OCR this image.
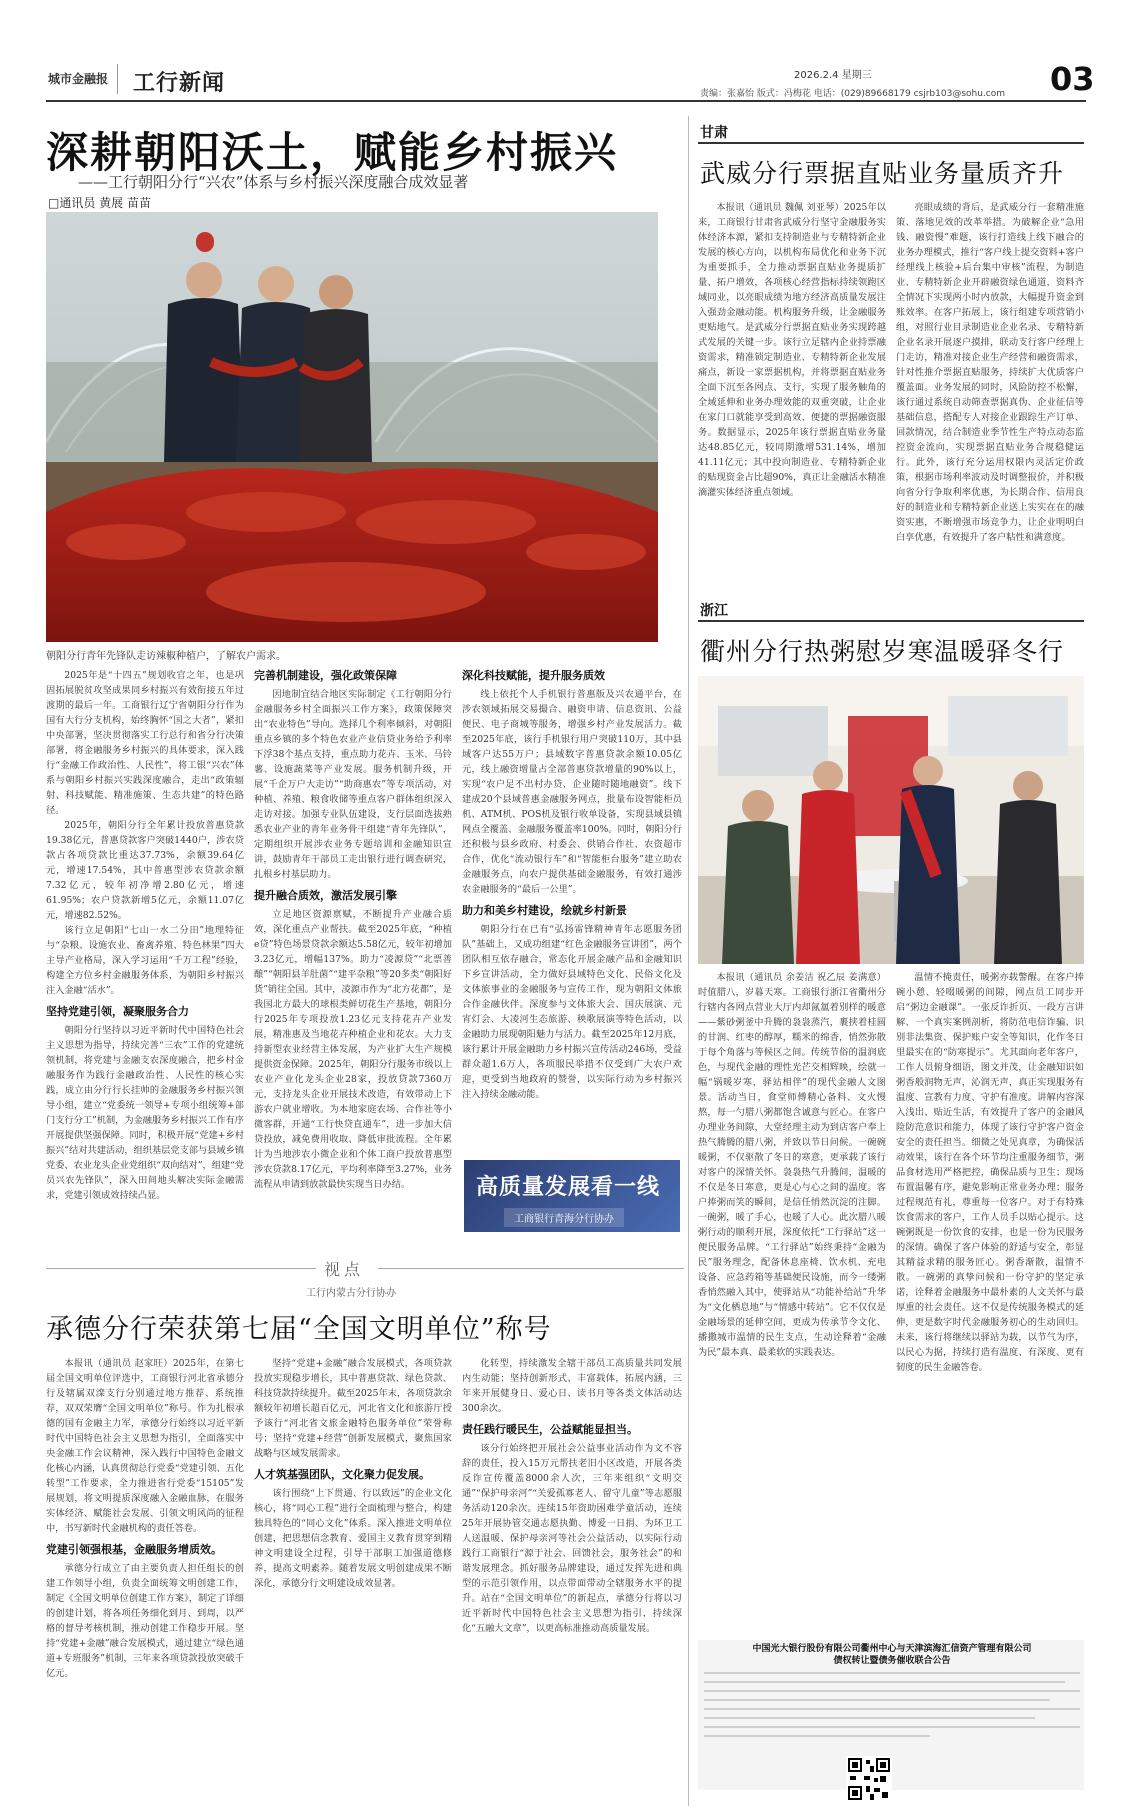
城市金融报 工行新闻	2026.2.4 星期三
责编：张嘉怡 版式：冯梅花 电话：(029)89668179 csjrb103@sohu.com 03
深耕朝阳沃土，赋能乡村振兴
——工行朝阳分行“兴农”体系与乡村振兴深度融合成效显著
□通讯员 黄展 苗苗
朝阳分行青年先锋队走访辣椒种植户，了解农户需求。

2025年是“十四五”规划收官之年，也是巩固拓展脱贫攻坚成果同乡村振兴有效衔接五年过渡期的最后一年。工商银行辽宁省朝阳分行作为国有大行分支机构，始终胸怀“国之大者”，紧扣中央部署，坚决贯彻落实工行总行和省分行决策部署，将金融服务乡村振兴的具体要求，深入践行“金融工作政治性、人民性”，将工银“兴农”体系与朝阳乡村振兴实践深度融合，走出“政策辐射、科技赋能、精准施策、生态共建”的特色路径。

2025年，朝阳分行全年累计投放普惠贷款19.38亿元，普惠贷款客户突破1440户，涉农贷款占各项贷款比重达37.73%，余额39.64亿元，增速17.54%，其中普惠型涉农贷款余额7.32亿元，较年初净增2.80亿元，增速61.95%；农户贷款新增5亿元，余额11.07亿元，增速82.52%。

该行立足朝阳“七山一水二分田”地理特征与“杂粮、设施农业、畜禽养殖、特色林果”四大主导产业格局，深入学习运用“千万工程”经验，构建全方位乡村金融服务体系，为朝阳乡村振兴注入金融“活水”。

坚持党建引领，凝聚服务合力

朝阳分行坚持以习近平新时代中国特色社会主义思想为指导，持续完善“三农”工作的党建统领机制，将党建与金融支农深度融合，把乡村金融服务作为践行金融政治性、人民性的核心实践，成立由分行行长挂帅的金融服务乡村振兴领导小组，建立“党委统一领导+专项小组统筹+部门支行分工”机制，为金融服务乡村振兴工作有序开展提供坚强保障。同时，积极开展“党建+乡村振兴”结对共建活动，组织基层党支部与县域乡镇党委、农业龙头企业党组织“双向结对”，组建“党员兴农先锋队”，深入田间地头解决实际金融需求，党建引领成效持续凸显。

完善机制建设，强化政策保障

因地制宜结合地区实际制定《工行朝阳分行金融服务乡村全面振兴工作方案》，政策保障突出“农业特色”导向。选择几个利率倾斜，对朝阳重点乡镇的多个特色农业产业信贷业务给予利率下浮38个基点支持，重点助力花卉、玉米、马铃薯、设施蔬菜等产业发展。服务机制升级，开展“千企万户大走访”“助商惠农”等专项活动，对种植、养殖、粮食收储等重点客户群体组织深入走访对接。加强专业队伍建设，支行层面选拔熟悉农业产业的青年业务骨干组建“青年先锋队”，定期组织开展涉农业务专题培训和金融知识宣讲，鼓励青年干部员工走出银行进行调查研究，扎根乡村基层助力。

提升融合质效，激活发展引擎

立足地区资源禀赋，不断提升产业融合质效，深化重点产业帮扶。截至2025年底，“种植e贷”特色场景贷款余额达5.58亿元，较年初增加3.23亿元，增幅137%。助力“凌源贷”“北票善酿”“朝阳县羊肚菌”“建平杂粮”等20多类“朝阳好货”销往全国。其中，凌源市作为“北方花都”，是我国北方最大的球根类鲜切花生产基地，朝阳分行2025年专项投放1.23亿元支持花卉产业发展，精准惠及当地花卉种植企业和花农。大力支持新型农业经营主体发展，为产业扩大生产规模提供资金保障。2025年，朝阳分行服务市级以上农业产业化龙头企业28家，投放贷款7360万元，支持龙头企业开展技术改造，有效带动上下游农户就业增收。为本地家庭农场、合作社等小微客群，开通“工行快贷直通车”，进一步加大信贷投放，减免费用收取、降低审批流程。全年累计为当地涉农小微企业和个体工商户投放普惠型涉农贷款8.17亿元，平均利率降至3.27%，业务流程从申请到放款最快实现当日办结。

深化科技赋能，提升服务质效

线上依托个人手机银行普惠版及兴农通平台，在涉农领域拓展交易撮合、融资申请、信息资讯、公益便民、电子商城等服务，增强乡村产业发展活力。截至2025年底，该行手机银行用户突破110万，其中县域客户达55万户；县域数字普惠贷款余额10.05亿元，线上融资增量占全部普惠贷款增量的90%以上，实现“农户足不出村办贷、企业随时随地融资”。线下建成20个县域普惠金融服务网点，批量布设智能柜员机、ATM机、POS机及银行收单设备，实现县域县镇网点全覆盖、金融服务覆盖率100%。同时，朝阳分行还积极与县乡政府、村委会、供销合作社、农资超市合作，优化“流动银行车”和“智能柜台服务”建立助农金融服务点，向农户提供基础金融服务，有效打通涉农金融服务的“最后一公里”。

助力和美乡村建设，绘就乡村新景

朝阳分行在已有“弘扬雷锋精神青年志愿服务团队”基础上，又成功组建“红色金融服务宣讲团”，两个团队相互依存融合，常态化开展金融产品和金融知识下乡宣讲活动，全力做好县域特色文化、民俗文化及文体旅事业的金融服务与宣传工作，现为朝阳文体旅合作金融伙伴。深度参与文体旅大会、国庆展演、元宵灯会、大凌河生态旅游、秧歌展演等特色活动，以金融助力展现朝阳魅力与活力。截至2025年12月底，该行累计开展金融助力乡村振兴宣传活动246场，受益群众超1.6万人，各项服民举措不仅受到广大农户欢迎，更受到当地政府的赞誉，以实际行动为乡村振兴注入持续金融动能。

高质量发展看一线
工商银行青海分行协办
视点
工行内蒙古分行协办
承德分行荣获第七届“全国文明单位”称号

本报讯（通讯员 赵家旺）2025年，在第七届全国文明单位评选中，工商银行河北省承德分行及辖属双滦支行分别通过地方推荐、系统推荐，双双荣膺“全国文明单位”称号。作为扎根承德的国有金融主力军，承德分行始终以习近平新时代中国特色社会主义思想为指引，全面落实中央金融工作会议精神，深入践行中国特色金融文化核心内涵，认真贯彻总行党委“党建引领、五化转型”工作要求，全力推进省行党委“15105”发展规划，将文明提质深度融入金融血脉，在服务实体经济、赋能社会发展、引领文明风尚的征程中，书写新时代金融机构的责任答卷。

党建引领强根基，金融服务增质效。

承德分行成立了由主要负责人担任组长的创建工作领导小组，负责全面统筹文明创建工作，制定《全国文明单位创建工作方案》，制定了详细的创建计划，将各项任务细化到月、到周，以严格的督导考核机制，推动创建工作稳步开展。坚持“党建+金融”融合发展模式，通过建立“绿色通道+专班服务”机制，三年来各项贷款投放突破千亿元。

坚持“党建+金融”融合发展模式，各项贷款投放实现稳步增长，其中普惠贷款、绿色贷款、科技贷款持续提升。截至2025年末，各项贷款余额较年初增长超百亿元，河北省文化和旅游厅授予该行“河北省文旅金融特色服务单位”荣誉称号；坚持“党建+经营”创新发展模式，聚焦国家战略与区域发展需求。

人才筑基强团队，文化聚力促发展。

该行围绕“上下贯通、行以致远”的企业文化核心，将“同心工程”进行全面梳理与整合，构建独具特色的“同心文化”体系。深入推进文明单位创建，把思想信念教育、爱国主义教育贯穿到精神文明建设全过程，引导干部职工加强道德修养，提高文明素养。随着发展文明创建成果不断深化，承德分行文明建设成效显著。

化转型，持续激发全辖干部员工高质量共同发展内生动能；坚持创新形式、丰富载体，拓展内涵，三年来开展健身日、爱心日、读书月等各类文体活动达300余次。

责任践行暖民生，公益赋能显担当。

该分行始终把开展社会公益事业活动作为文不容辞的责任，投入15万元帮扶老旧小区改造，开展各类反诈宣传覆盖8000余人次，三年来组织“文明交通”“保护母亲河”“关爱孤寡老人、留守儿童”等志愿服务活动120余次。连续15年资助困难学童活动，连续25年开展协管交通志愿执勤、博爱一日捐、为环卫工人送温暖、保护母亲河等社会公益活动，以实际行动践行工商银行“源于社会、回馈社会，服务社会”的和谐发展理念。抓好服务品牌建设，通过发挥先进和典型的示范引领作用，以点带面带动全辖服务水平的提升。站在“全国文明单位”的新起点，承德分行将以习近平新时代中国特色社会主义思想为指引，持续深化“五融大文章”，以更高标准推动高质量发展。

甘肃
武威分行票据直贴业务量质齐升

本报讯（通讯员 魏佩 刘亚琴）2025年以来，工商银行甘肃省武威分行坚守金融服务实体经济本源，紧扣支持制造业与专精特新企业发展的核心方向，以机构布局优化和业务下沉为重要抓手，全力推动票据直贴业务提质扩量、拓户增效，各项核心经营指标持续领跑区域同业，以亮眼成绩为地方经济高质量发展注入强劲金融动能。机构服务升级，让金融服务更贴地气。是武威分行票据直贴业务实现跨越式发展的关键一步。该行立足辖内企业持票融资需求，精准锁定制造业、专精特新企业发展痛点，新设一家票据机构，并将票据直贴业务全面下沉至各网点、支行，实现了服务触角的全域延伸和业务办理效能的双重突破，让企业在家门口就能享受到高效、便捷的票据融资服务。数据显示，2025年该行票据直贴业务量达48.85亿元，较同期激增531.14%，增加41.11亿元；其中投向制造业、专精特新企业的贴现资金占比超90%，真正让金融活水精准滴灌实体经济重点领域。

亮眼成绩的背后，是武威分行一套精准施策、落地见效的改革举措。为破解企业“急用钱、融资慢”难题，该行打造线上线下融合的业务办理模式，推行“客户线上提交资料+客户经理线上核验+后台集中审核”流程，为制造业、专精特新企业开辟融资绿色通道，资料齐全情况下实现两小时内放款，大幅提升资金到账效率。在客户拓展上，该行组建专项营销小组，对照行业目录制造业企业名录、专精特新企业名录开展逐户摸排，联动支行客户经理上门走访，精准对接企业生产经营和融资需求，针对性推介票据直贴服务，持续扩大优质客户覆盖面。业务发展的同时，风险防控不松懈，该行通过系统自动筛查票据真伪、企业征信等基础信息，搭配专人对接企业跟踪生产订单、回款情况，结合制造业季节性生产特点动态监控资金流向，实现票据直贴业务合规稳健运行。此外，该行充分运用权限内灵活定价政策，根据市场利率波动及时调整报价，并积极向省分行争取利率优惠，为长期合作、信用良好的制造业和专精特新企业送上实实在在的融资实惠，不断增强市场竞争力，让企业明明白白享优惠，有效提升了客户粘性和满意度。

浙江
衢州分行热粥慰岁寒温暖驿冬行

本报讯（通讯员 余姜洁 祝乙辰 姜满意）时值腊八，岁暮天寒。工商银行浙江省衢州分行辖内各网点营业大厅内却氤氲着别样的暖意——紫砂粥釜中升腾的袅袅蒸汽，裹挟着桂圆的甘润、红枣的醇厚，糯米的绵香，悄然弥散于每个角落与等候区之间。传统节俗的温润底色，与现代金融的理性光芒交相辉映，绘就一幅“锅暖岁寒，驿站相伴”的现代金融人文图景。活动当日，食堂师傅精心备料、文火慢熬，每一勺腊八粥都饱含诚意与匠心。在客户办理业务间隙，大堂经理主动为到店客户奉上热气腾腾的腊八粥，并致以节日问候。一碗碗暖粥，不仅驱散了冬日的寒意，更承载了该行对客户的深情关怀。袅袅热气升腾间，温暖的不仅是冬日寒意，更是心与心之间的温度。客户捧粥而笑的瞬间，是信任悄然沉淀的注脚。一碗粥，暖了手心，也暖了人心。此次腊八暖粥行动的顺利开展，深度依托“工行驿站”这一便民服务品牌。“工行驿站”始终秉持“金融为民”服务理念，配备休息座椅、饮水机、充电设备、应急药箱等基础便民设施，而今一缕粥香悄然融入其中，使驿站从“功能补给站”升华为“文化栖息地”与“情感中转站”。它不仅仅是金融场景的延伸空间，更成为传承节令文化、播撒城市温情的民生支点，生动诠释着“金融为民”最本真、最柔软的实践表达。

温情不掩责任，暖粥亦载警醒。在客户捧碗小憩、轻啜暖粥的间隙，网点员工同步开启“粥边金融课”。一张反诈折页、一段方言讲解、一个真实案例剖析，将防范电信诈骗、识别非法集资、保护账户安全等知识，化作冬日里最实在的“防寒提示”。尤其面向老年客户，工作人员俯身细语，图文并茂，让金融知识如粥香般润物无声，沁润无声，真正实现服务有温度、宣教有力度、守护有准度。讲解内容深入浅出、贴近生活，有效提升了客户的金融风险防范意识和能力，体现了该行守护客户资金安全的责任担当。细微之处见真章，为确保活动效果，该行在各个环节均注重服务细节，粥品食材选用严格把控，确保品质与卫生；现场布置温馨有序，避免影响正常业务办理；服务过程规范有礼，尊重每一位客户。对于有特殊饮食需求的客户，工作人员手以贴心提示。这碗粥既是一份饮食的安排，也是一份为民服务的深情。确保了客户体验的舒适与安全，彰显其精益求精的服务匠心。粥香渐散，温情不散。一碗粥的真挚问候和一份守护的坚定承诺，诠释着金融服务中最朴素的人文关怀与最厚重的社会责任。这不仅是传统服务模式的延伸，更是数字时代金融服务初心的生动回归。未来，该行将继续以驿站为载，以节气为序，以民心为据，持续打造有温度、有深度、更有韧度的民生金融答卷。

中国光大银行股份有限公司衢州中心与天津滨海汇信资产管理有限公司
债权转让暨债务催收联合公告
